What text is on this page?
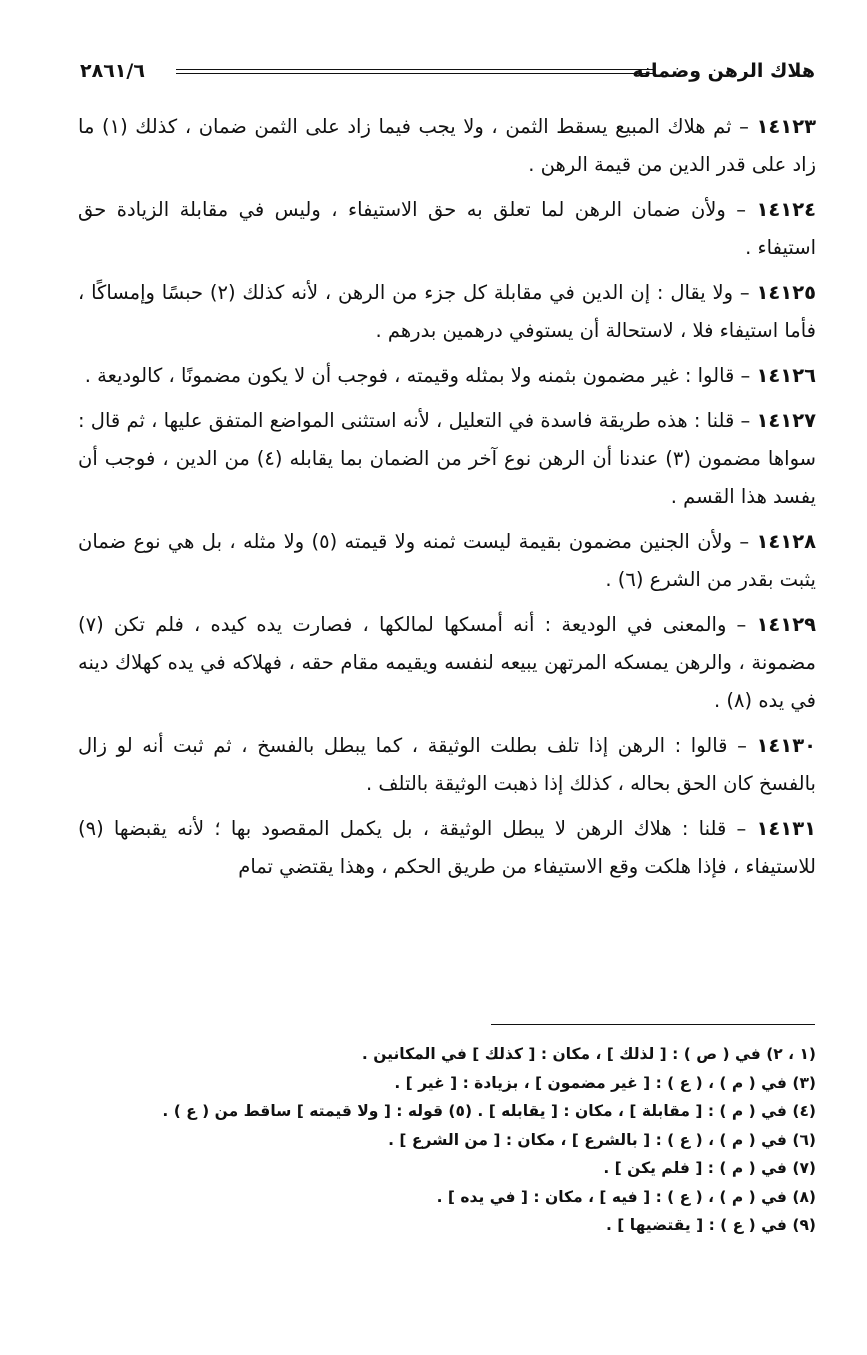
هلاك الرهن وضمانه
٢٨٦١/٦

١٤١٢٣ – ثم هلاك المبيع يسقط الثمن ، ولا يجب فيما زاد على الثمن ضمان ، كذلك (١) ما زاد على قدر الدين من قيمة الرهن .

١٤١٢٤ – ولأن ضمان الرهن لما تعلق به حق الاستيفاء ، وليس في مقابلة الزيادة حق استيفاء .

١٤١٢٥ – ولا يقال : إن الدين في مقابلة كل جزء من الرهن ، لأنه كذلك (٢) حبسًا وإمساكًا ، فأما استيفاء فلا ، لاستحالة أن يستوفي درهمين بدرهم .

١٤١٢٦ – قالوا : غير مضمون بثمنه ولا بمثله وقيمته ، فوجب أن لا يكون مضمونًا ، كالوديعة .

١٤١٢٧ – قلنا : هذه طريقة فاسدة في التعليل ، لأنه استثنى المواضع المتفق عليها ، ثم قال : سواها مضمون (٣) عندنا أن الرهن نوع آخر من الضمان بما يقابله (٤) من الدين ، فوجب أن يفسد هذا القسم .

١٤١٢٨ – ولأن الجنين مضمون بقيمة ليست ثمنه ولا قيمته (٥) ولا مثله ، بل هي نوع ضمان يثبت بقدر من الشرع (٦) .

١٤١٢٩ – والمعنى في الوديعة : أنه أمسكها لمالكها ، فصارت يده كيده ، فلم تكن (٧) مضمونة ، والرهن يمسكه المرتهن يبيعه لنفسه ويقيمه مقام حقه ، فهلاكه في يده كهلاك دينه في يده (٨) .

١٤١٣٠ – قالوا : الرهن إذا تلف بطلت الوثيقة ، كما يبطل بالفسخ ، ثم ثبت أنه لو زال بالفسخ كان الحق بحاله ، كذلك إذا ذهبت الوثيقة بالتلف .

١٤١٣١ – قلنا : هلاك الرهن لا يبطل الوثيقة ، بل يكمل المقصود بها ؛ لأنه يقبضها (٩) للاستيفاء ، فإذا هلكت وقع الاستيفاء من طريق الحكم ، وهذا يقتضي تمام

(١ ، ٢) في ( ص ) : [ لذلك ] ، مكان : [ كذلك ] في المكانين .
(٣) في ( م ) ، ( ع ) : [ غير مضمون ] ، بزيادة : [ غير ] .
(٤) في ( م ) : [ مقابلة ] ، مكان : [ يقابله ] . (٥) قوله : [ ولا قيمته ] ساقط من ( ع ) .
(٦) في ( م ) ، ( ع ) : [ بالشرع ] ، مكان : [ من الشرع ] .
(٧) في ( م ) : [ فلم يكن ] .
(٨) في ( م ) ، ( ع ) : [ فيه ] ، مكان : [ في يده ] .
(٩) في ( ع ) : [ يقتضيها ] .
